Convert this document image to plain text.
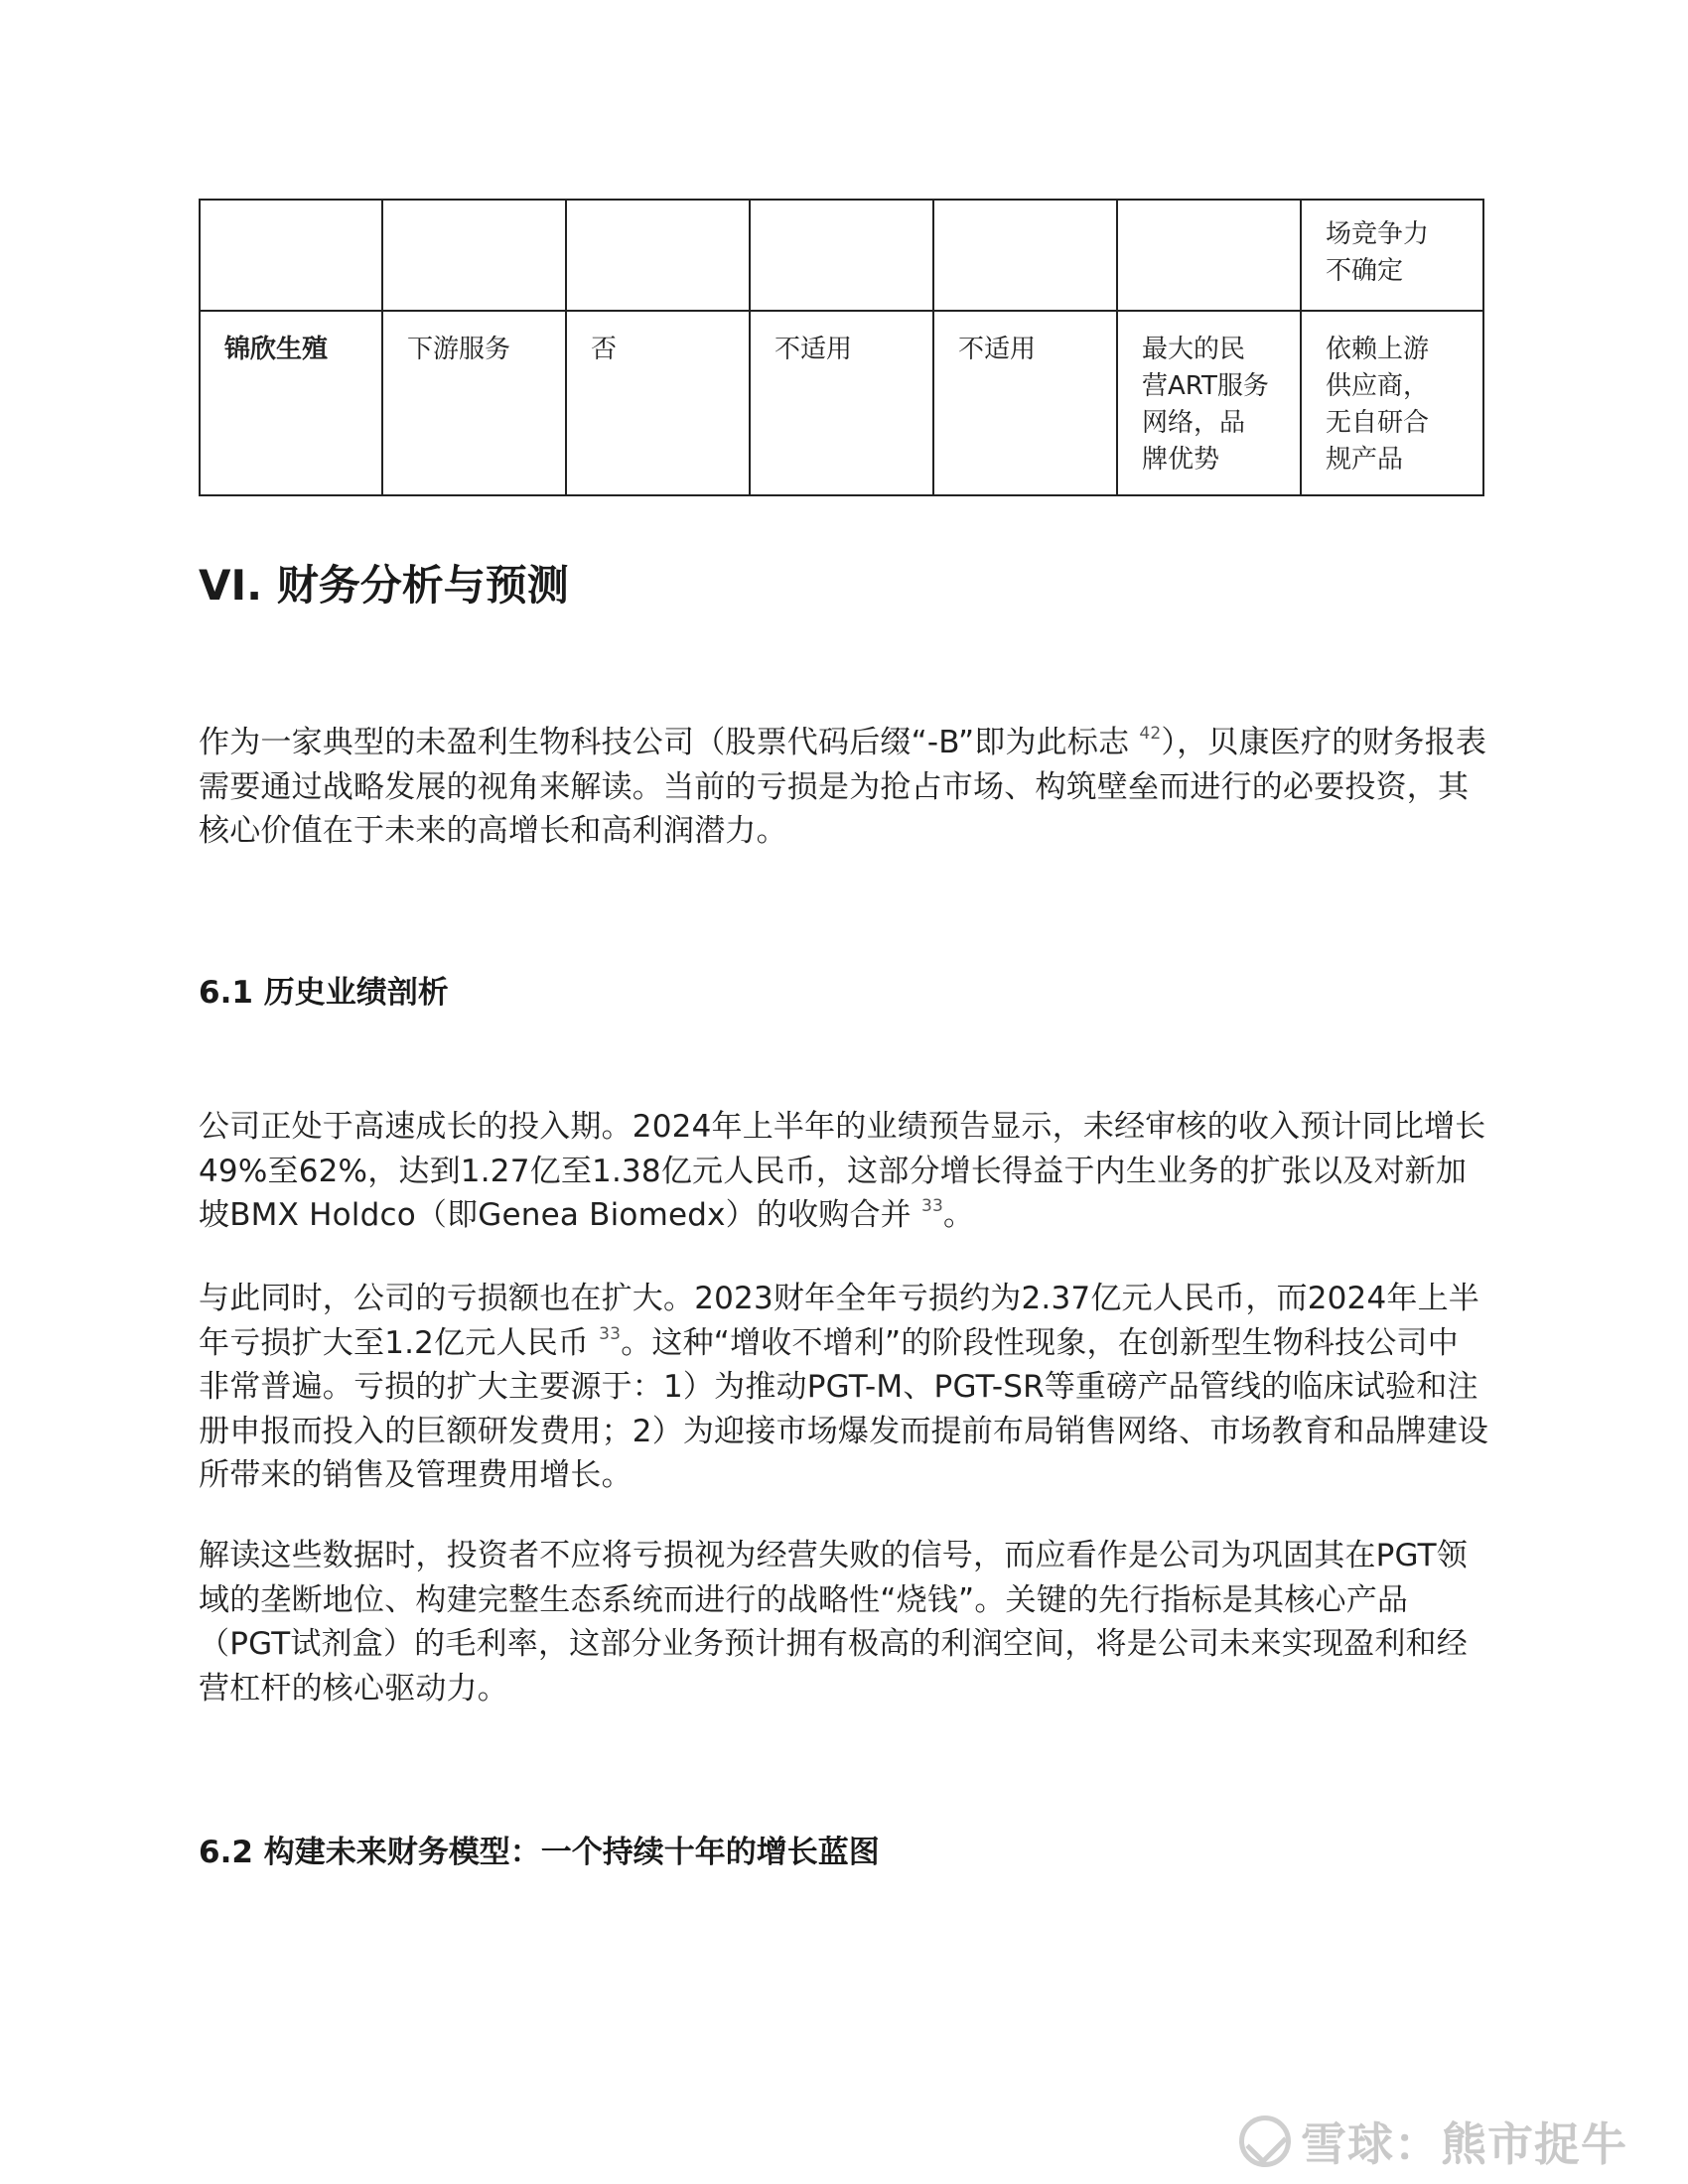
						场竞争力
不确定
锦欣生殖	下游服务	否	不适用	不适用	最大的民
营ART服务
网络，品
牌优势	依赖上游
供应商，
无自研合
规产品
VI. 财务分析与预测

作为一家典型的未盈利生物科技公司（股票代码后缀“-B”即为此标志 $^{42}$），贝康医疗的财务报表需要通过战略发展的视角来解读。当前的亏损是为抢占市场、构筑壁垒而进行的必要投资，其核心价值在于未来的高增长和高利润潜力。

6.1 历史业绩剖析

公司正处于高速成长的投入期。2024年上半年的业绩预告显示，未经审核的收入预计同比增长49%至62%，达到1.27亿至1.38亿元人民币，这部分增长得益于内生业务的扩张以及对新加坡BMX Holdco（即Genea Biomedx）的收购合并 $^{33}$。

与此同时，公司的亏损额也在扩大。2023财年全年亏损约为2.37亿元人民币，而2024年上半年亏损扩大至1.2亿元人民币 $^{33}$。这种“增收不增利”的阶段性现象，在创新型生物科技公司中非常普遍。亏损的扩大主要源于：1）为推动PGT-M、PGT-SR等重磅产品管线的临床试验和注册申报而投入的巨额研发费用；2）为迎接市场爆发而提前布局销售网络、市场教育和品牌建设所带来的销售及管理费用增长。

解读这些数据时，投资者不应将亏损视为经营失败的信号，而应看作是公司为巩固其在PGT领域的垄断地位、构建完整生态系统而进行的战略性“烧钱”。关键的先行指标是其核心产品（PGT试剂盒）的毛利率，这部分业务预计拥有极高的利润空间，将是公司未来实现盈利和经营杠杆的核心驱动力。

6.2 构建未来财务模型：一个持续十年的增长蓝图
雪球：熊市捉牛
